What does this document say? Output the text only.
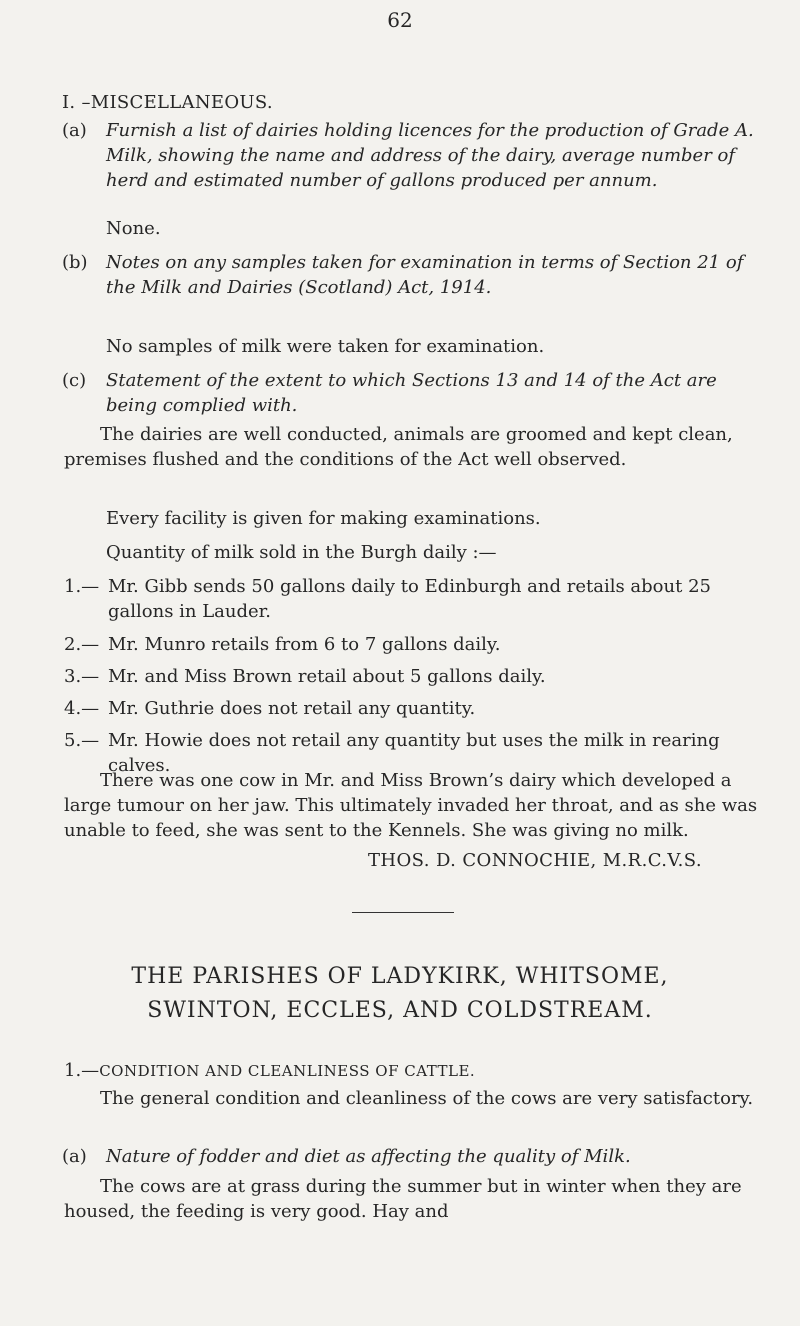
62
I. –MISCELLANEOUS.
(a) Furnish a list of dairies holding licences for the production of Grade A. Milk, showing the name and address of the dairy, average number of herd and estimated number of gallons produced per annum.
None.
(b) Notes on any samples taken for examination in terms of Section 21 of the Milk and Dairies (Scotland) Act, 1914.
No samples of milk were taken for examination.
(c) Statement of the extent to which Sections 13 and 14 of the Act are being complied with.
The dairies are well conducted, animals are groomed and kept clean, premises flushed and the conditions of the Act well observed.
Every facility is given for making examinations.
Quantity of milk sold in the Burgh daily :—
1.— Mr. Gibb sends 50 gallons daily to Edinburgh and retails about 25 gallons in Lauder.
2.— Mr. Munro retails from 6 to 7 gallons daily.
3.— Mr. and Miss Brown retail about 5 gallons daily.
4.— Mr. Guthrie does not retail any quantity.
5.— Mr. Howie does not retail any quantity but uses the milk in rearing calves.
There was one cow in Mr. and Miss Brown’s dairy which developed a large tumour on her jaw. This ultimately invaded her throat, and as she was unable to feed, she was sent to the Kennels. She was giving no milk.
THOS. D. CONNOCHIE, M.R.C.V.S.
THE PARISHES OF LADYKIRK, WHITSOME,
SWINTON, ECCLES, AND COLDSTREAM.
1.—CONDITION AND CLEANLINESS OF CATTLE.
The general condition and cleanliness of the cows are very satisfactory.
(a) Nature of fodder and diet as affecting the quality of Milk.
The cows are at grass during the summer but in winter when they are housed, the feeding is very good. Hay and
